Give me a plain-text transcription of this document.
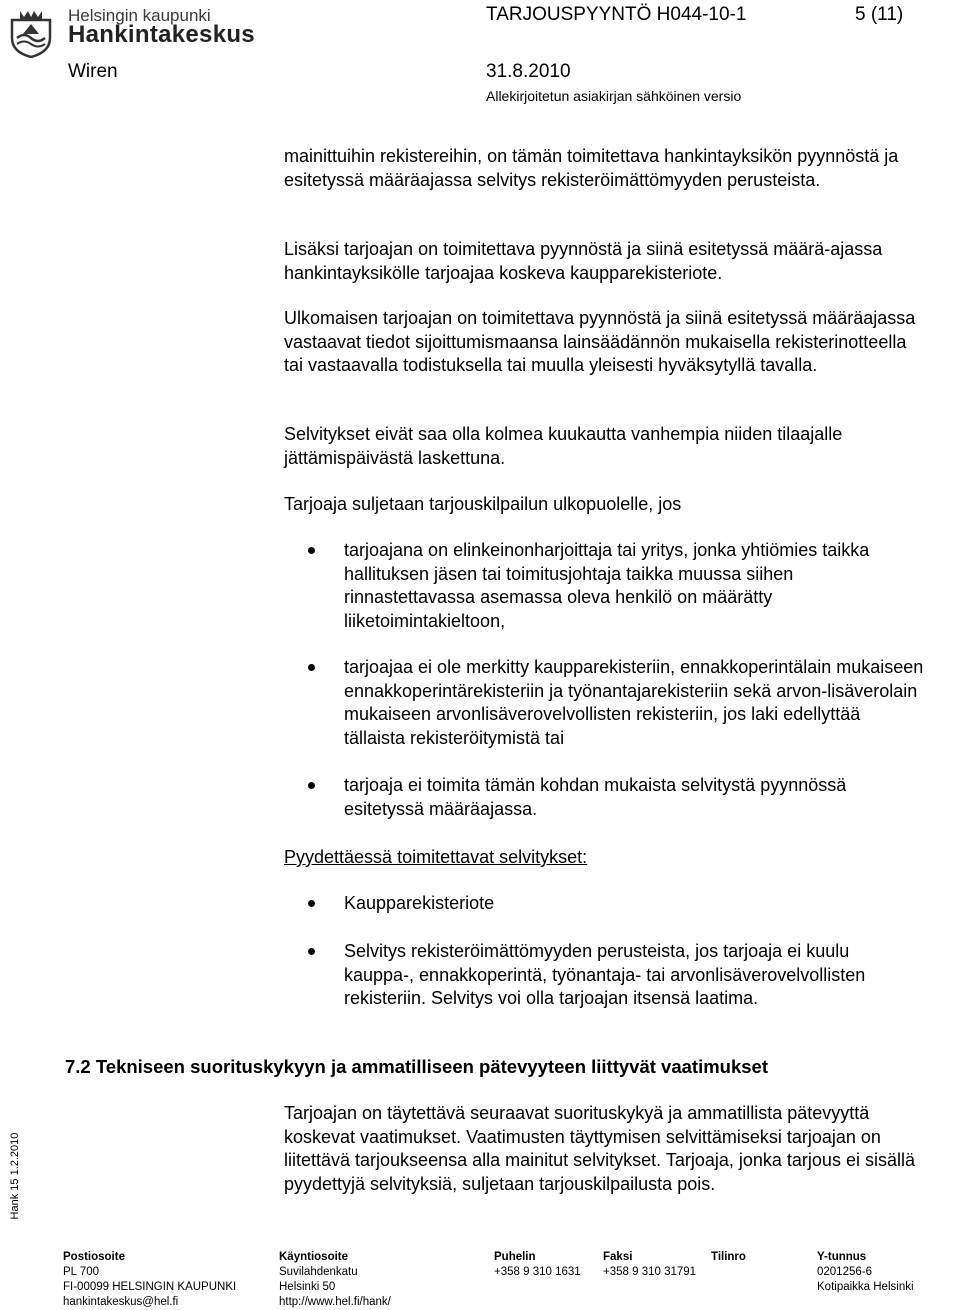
Helsingin kaupunki
Hankintakeskus
TARJOUSPYYNTÖ H044-10-1	5 (11)
Wiren	31.8.2010
Allekirjoitetun asiakirjan sähköinen versio

mainittuihin rekistereihin, on tämän toimitettava hankintayksikön pyynnöstä ja esitetyssä määräajassa selvitys rekisteröimättömyyden perusteista.

Lisäksi tarjoajan on toimitettava pyynnöstä ja siinä esitetyssä määrä-ajassa hankintayksikölle tarjoajaa koskeva kaupparekisteriote.

Ulkomaisen tarjoajan on toimitettava pyynnöstä ja siinä esitetyssä määräajassa vastaavat tiedot sijoittumismaansa lainsäädännön mukaisella rekisterinotteella tai vastaavalla todistuksella tai muulla yleisesti hyväksytyllä tavalla.

Selvitykset eivät saa olla kolmea kuukautta vanhempia niiden tilaajalle jättämispäivästä laskettuna.

Tarjoaja suljetaan tarjouskilpailun ulkopuolelle, jos

tarjoajana on elinkeinonharjoittaja tai yritys, jonka yhtiömies taikka hallituksen jäsen tai toimitusjohtaja taikka muussa siihen rinnastettavassa asemassa oleva henkilö on määrätty liiketoimintakieltoon,
tarjoajaa ei ole merkitty kaupparekisteriin, ennakkoperintälain mukaiseen ennakkoperintärekisteriin ja työnantajarekisteriin sekä arvon-lisäverolain mukaiseen arvonlisäverovelvollisten rekisteriin, jos laki edellyttää tällaista rekisteröitymistä tai
tarjoaja ei toimita tämän kohdan mukaista selvitystä pyynnössä esitetyssä määräajassa.

Pyydettäessä toimitettavat selvitykset:

Kaupparekisteriote
Selvitys rekisteröimättömyyden perusteista, jos tarjoaja ei kuulu kauppa-, ennakkoperintä, työnantaja- tai arvonlisäverovelvollisten rekisteriin. Selvitys voi olla tarjoajan itsensä laatima.
7.2 Tekniseen suorituskykyyn ja ammatilliseen pätevyyteen liittyvät vaatimukset

Tarjoajan on täytettävä seuraavat suorituskykyä ja ammatillista pätevyyttä koskevat vaatimukset. Vaatimusten täyttymisen selvittämiseksi tarjoajan on liitettävä tarjoukseensa alla mainitut selvitykset. Tarjoaja, jonka tarjous ei sisällä pyydettyjä selvityksiä, suljetaan tarjouskilpailusta pois.

Hank 15 1.2.2010
Postiosoite
PL 700
FI-00099 HELSINGIN KAUPUNKI
hankintakeskus@hel.fi
Käyntiosoite
Suvilahdenkatu
Helsinki 50
http://www.hel.fi/hank/
Puhelin
+358 9 310 1631
Faksi
+358 9 310 31791
Tilinro	Y-tunnus
0201256-6
Kotipaikka Helsinki
